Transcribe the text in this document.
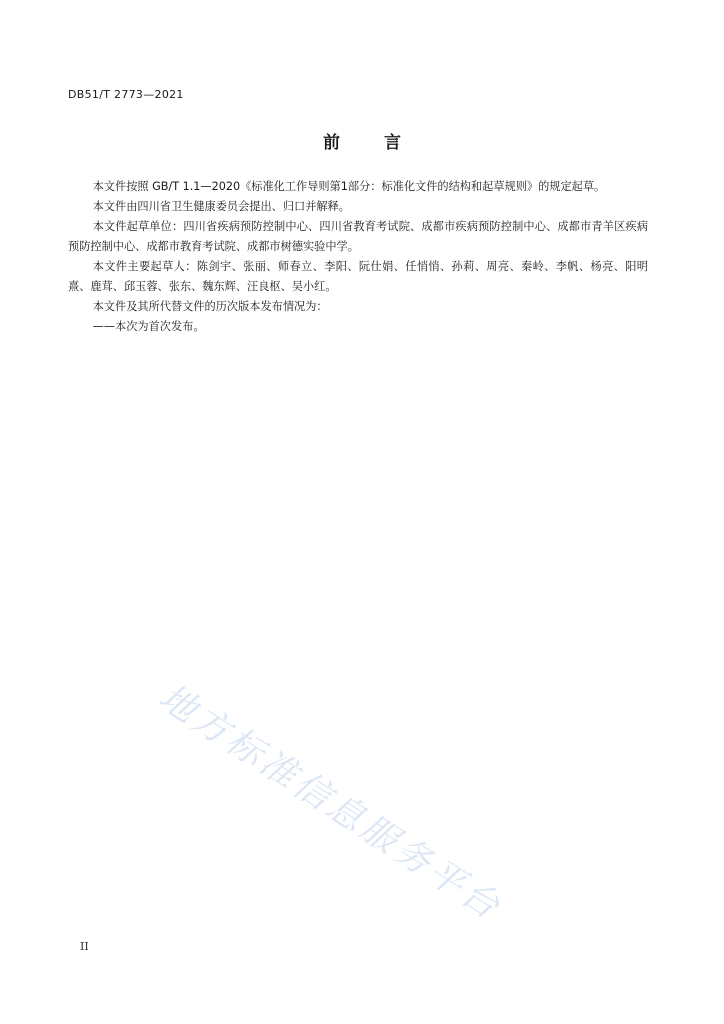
DB51/T 2773—2021
前	言

本文件按照 GB/T 1.1—2020《标准化工作导则第1部分：标准化文件的结构和起草规则》的规定起草。

本文件由四川省卫生健康委员会提出、归口并解释。

本文件起草单位：四川省疾病预防控制中心、四川省教育考试院、成都市疾病预防控制中心、成都市青羊区疾病预防控制中心、成都市教育考试院、成都市树德实验中学。

本文件主要起草人：陈剑宇、张丽、师春立、李阳、阮仕娟、任悄悄、孙莉、周亮、秦岭、李帆、杨亮、阳明熹、鹿茸、邱玉蓉、张东、魏东辉、汪良枢、吴小红。

本文件及其所代替文件的历次版本发布情况为：

——本次为首次发布。

地方标准信息服务平台
II
